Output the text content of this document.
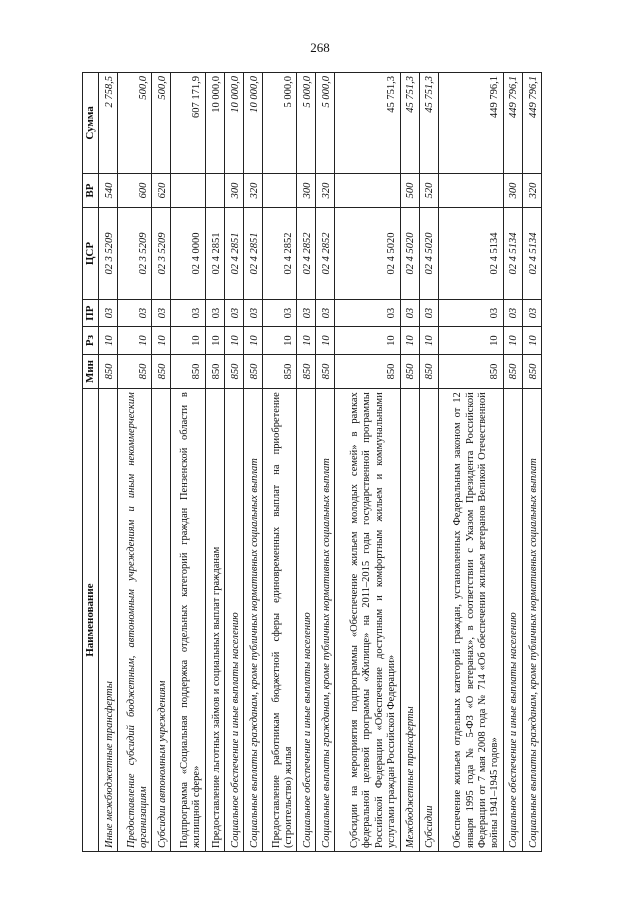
268
Наименование	Мин	Рз	ПР	ЦСР	ВР	Сумма
Иные межбюджетные трансферты	850	10	03	02 3 5209	540	2 758,5
Предоставление субсидий бюджетным, автономным учреждениям и иным некоммерческим организациям	850	10	03	02 3 5209	600	500,0
Субсидии автономным учреждениям	850	10	03	02 3 5209	620	500,0
Подпрограмма «Социальная поддержка отдельных категорий граждан Пензенской области в жилищной сфере»	850	10	03	02 4 0000		607 171,9
Предоставление льготных займов и социальных выплат гражданам	850	10	03	02 4 2851		10 000,0
Социальное обеспечение и иные выплаты населению	850	10	03	02 4 2851	300	10 000,0
Социальные выплаты гражданам, кроме публичных нормативных социальных выплат	850	10	03	02 4 2851	320	10 000,0
Предоставление работникам бюджетной сферы единовременных выплат на приобретение (строительство) жилья	850	10	03	02 4 2852		5 000,0
Социальное обеспечение и иные выплаты населению	850	10	03	02 4 2852	300	5 000,0
Социальные выплаты гражданам, кроме публичных нормативных социальных выплат	850	10	03	02 4 2852	320	5 000,0
Субсидии на мероприятия подпрограммы «Обеспечение жильем молодых семей» в рамках федеральной целевой программы «Жилище» на 2011–2015 годы государственной программы Российской Федерации «Обеспечение доступным и комфортным жильем и коммунальными услугами граждан Российской Федерации»	850	10	03	02 4 5020		45 751,3
Межбюджетные трансферты	850	10	03	02 4 5020	500	45 751,3
Субсидии	850	10	03	02 4 5020	520	45 751,3
Обеспечение жильем отдельных категорий граждан, установленных Федеральным законом от 12 января 1995 года № 5-ФЗ «О ветеранах», в соответствии с Указом Президента Российской Федерации от 7 мая 2008 года № 714 «Об обеспечении жильем ветеранов Великой Отечественной войны 1941–1945 годов»	850	10	03	02 4 5134		449 796,1
Социальное обеспечение и иные выплаты населению	850	10	03	02 4 5134	300	449 796,1
Социальные выплаты гражданам, кроме публичных нормативных социальных выплат	850	10	03	02 4 5134	320	449 796,1
